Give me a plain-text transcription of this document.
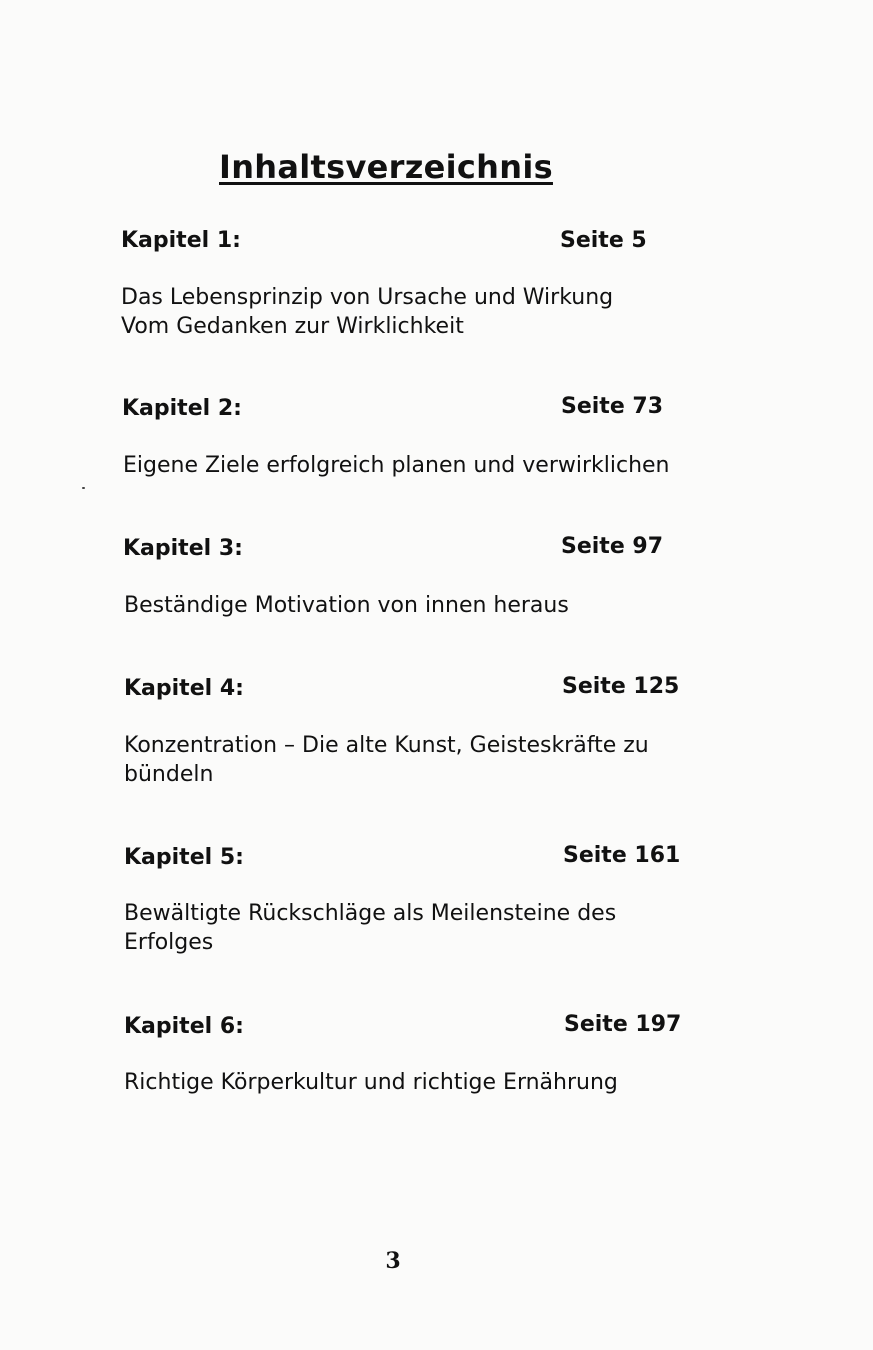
Inhaltsverzeichnis
Kapitel 1:	Seite 5
Das Lebensprinzip von Ursache und Wirkung
Vom Gedanken zur Wirklichkeit
Kapitel 2:	Seite 73
Eigene Ziele erfolgreich planen und verwirklichen
Kapitel 3:	Seite 97
Beständige Motivation von innen heraus
Kapitel 4:	Seite 125
Konzentration – Die alte Kunst, Geisteskräfte zu
bündeln
Kapitel 5:	Seite 161
Bewältigte Rückschläge als Meilensteine des
Erfolges
Kapitel 6:	Seite 197
Richtige Körperkultur und richtige Ernährung
3
